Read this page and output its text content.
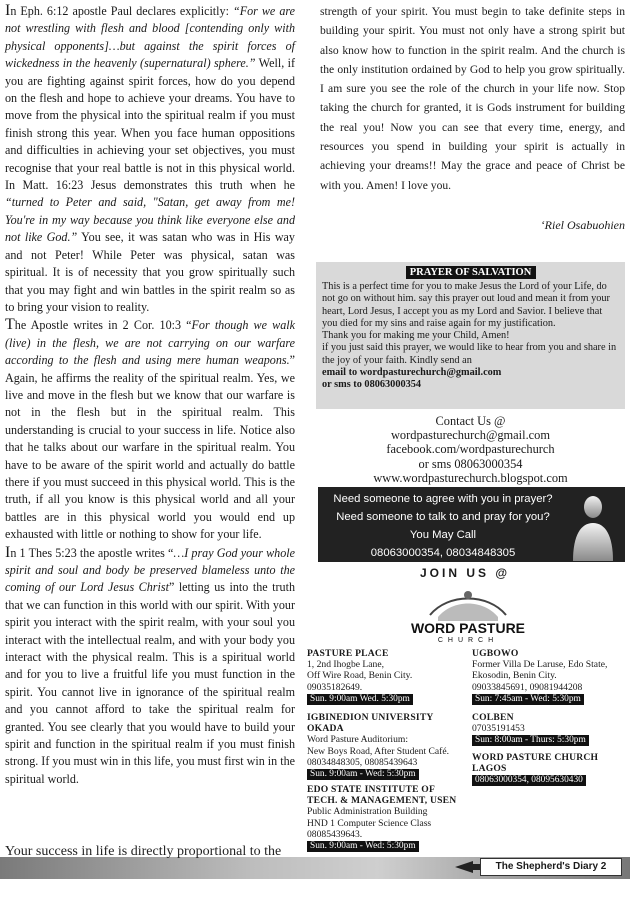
In Eph. 6:12 apostle Paul declares explicitly: “For we are not wrestling with flesh and blood [contending only with physical opponents]…but against the spirit forces of wickedness in the heavenly (supernatural) sphere.” Well, if you are fighting against spirit forces, how do you depend on the flesh and hope to achieve your dreams. You have to move from the physical into the spiritual realm if you must finish strong this year. When you face human oppositions and difficulties in achieving your set objectives, you must recognise that your real battle is not in this physical world. In Matt. 16:23 Jesus demonstrates this truth when he “turned to Peter and said, "Satan, get away from me! You're in my way because you think like everyone else and not like God.” You see, it was satan who was in His way and not Peter! While Peter was physical, satan was spiritual. It is of necessity that you grow spiritually such that you may fight and win battles in the spirit realm so as to bring your vision to reality.

The Apostle writes in 2 Cor. 10:3 “For though we walk (live) in the flesh, we are not carrying on our warfare according to the flesh and using mere human weapons.” Again, he affirms the reality of the spiritual realm. Yes, we live and move in the flesh but we know that our warfare is not in the flesh but in the spiritual realm. This understanding is crucial to your success in life. Notice also that he talks about our warfare in the spiritual realm. You have to be aware of the spirit world and actually do battle there if you must succeed in this physical world. This is the truth, if all you know is this physical world and all your battles are in this physical world you would end up exhausted with little or nothing to show for your life.

In 1 Thes 5:23 the apostle writes “…I pray God your whole spirit and soul and body be preserved blameless unto the coming of our Lord Jesus Christ” letting us into the truth that we can function in this world with our spirit. With your spirit you interact with the spirit realm, with your soul you interact with the intellectual realm, and with your body you interact with the physical realm. This is a spiritual world and for you to live a fruitful life you must function in the spirit. You cannot live in ignorance of the spiritual realm and you cannot afford to take the spiritual realm for granted. You see clearly that you would have to build your spirit and function in the spiritual realm if you must finish strong. If you must win in this life, you must first win in the spiritual world.

strength of your spirit. You must begin to take definite steps in building your spirit. You must not only have a strong spirit but also know how to function in the spirit realm. And the church is the only institution ordained by God to help you grow spiritually. I am sure you see the role of the church in your life now. Stop taking the church for granted, it is Gods instrument for building the real you! Now you can see that every time, energy, and resources you spend in building your spirit is actually in achieving your dreams!! May the grace and peace of Christ be with you. Amen! I love you.
‘Riel Osabuohien
PRAYER OF SALVATION
This is a perfect time for you to make Jesus the Lord of your Life, do not go on without him. say this prayer out loud and mean it from your heart, Lord Jesus, I accept you as my Lord and Savior. I believe that you died for my sins and raise again for my justification.
Thank you for making me your Child, Amen!
if you just said this prayer, we would like to hear from you and share in the joy of your faith. Kindly send an
email to wordpasturechurch@gmail.com
or sms to 08063000354
Contact Us @
wordpasturechurch@gmail.com
facebook.com/wordpasturechurch
or sms 08063000354
www.wordpasturechurch.blogspot.com
Need someone to agree with you in prayer?
Need someone to talk to and pray for you?
You May Call
08063000354, 08034848305
JOIN US @
WORD PASTURE
CHURCH
PASTURE PLACE
1, 2nd Ihogbe Lane,
Off Wire Road, Benin City.
09035182649.
Sun. 9:00am Wed. 5:30pm
IGBINEDION UNIVERSITY
OKADA
Word Pasture Auditorium:
New Boys Road, After Student Café.
08034848305, 08085439643
Sun. 9:00am - Wed: 5:30pm
EDO STATE INSTITUTE OF
TECH. & MANAGEMENT, USEN
Public Administration Building
HND 1 Computer Science Class
08085439643.
Sun. 9:00am - Wed: 5:30pm
UGBOWO
Former Villa De Laruse, Edo State,
Ekosodin, Benin City.
09033845691, 09081944208
Sun: 7:45am - Wed: 5:30pm
COLBEN
07035191453
Sun: 8:00am - Thurs: 5:30pm
WORD PASTURE CHURCH
LAGOS
08063000354, 08095630430
Your success in life is directly proportional to the
The Shepherd's Diary 2
